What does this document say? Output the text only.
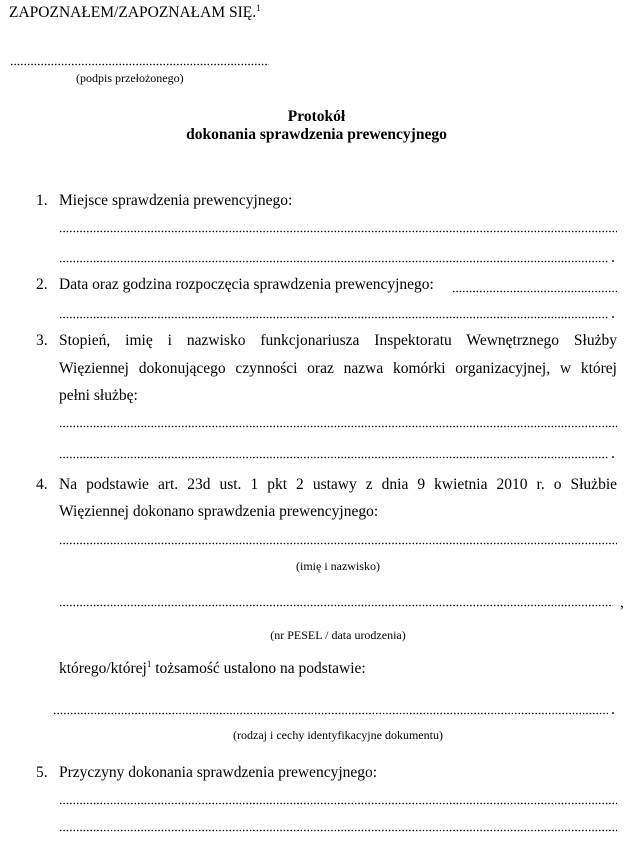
ZAPOZNAŁEM/ZAPOZNAŁAM SIĘ.$^1$
(podpis przełożonego)
Protokół
dokonania sprawdzenia prewencyjnego
1. Miejsce sprawdzenia prewencyjnego:
.
2. Data oraz godzina rozpoczęcia sprawdzenia prewencyjnego:
.
3. Stopień, imię i nazwisko funkcjonariusza Inspektoratu Wewnętrznego Służby
Więziennej dokonującego czynności oraz nazwa komórki organizacyjnej, w której
pełni służbę:
.
4. Na podstawie art. 23d ust. 1 pkt 2 ustawy z dnia 9 kwietnia 2010 r. o Służbie
Więziennej dokonano sprawdzenia prewencyjnego:
(imię i nazwisko)
,
(nr PESEL / data urodzenia)
którego/której$^1$ tożsamość ustalono na podstawie:
.
(rodzaj i cechy identyfikacyjne dokumentu)
5. Przyczyny dokonania sprawdzenia prewencyjnego:
